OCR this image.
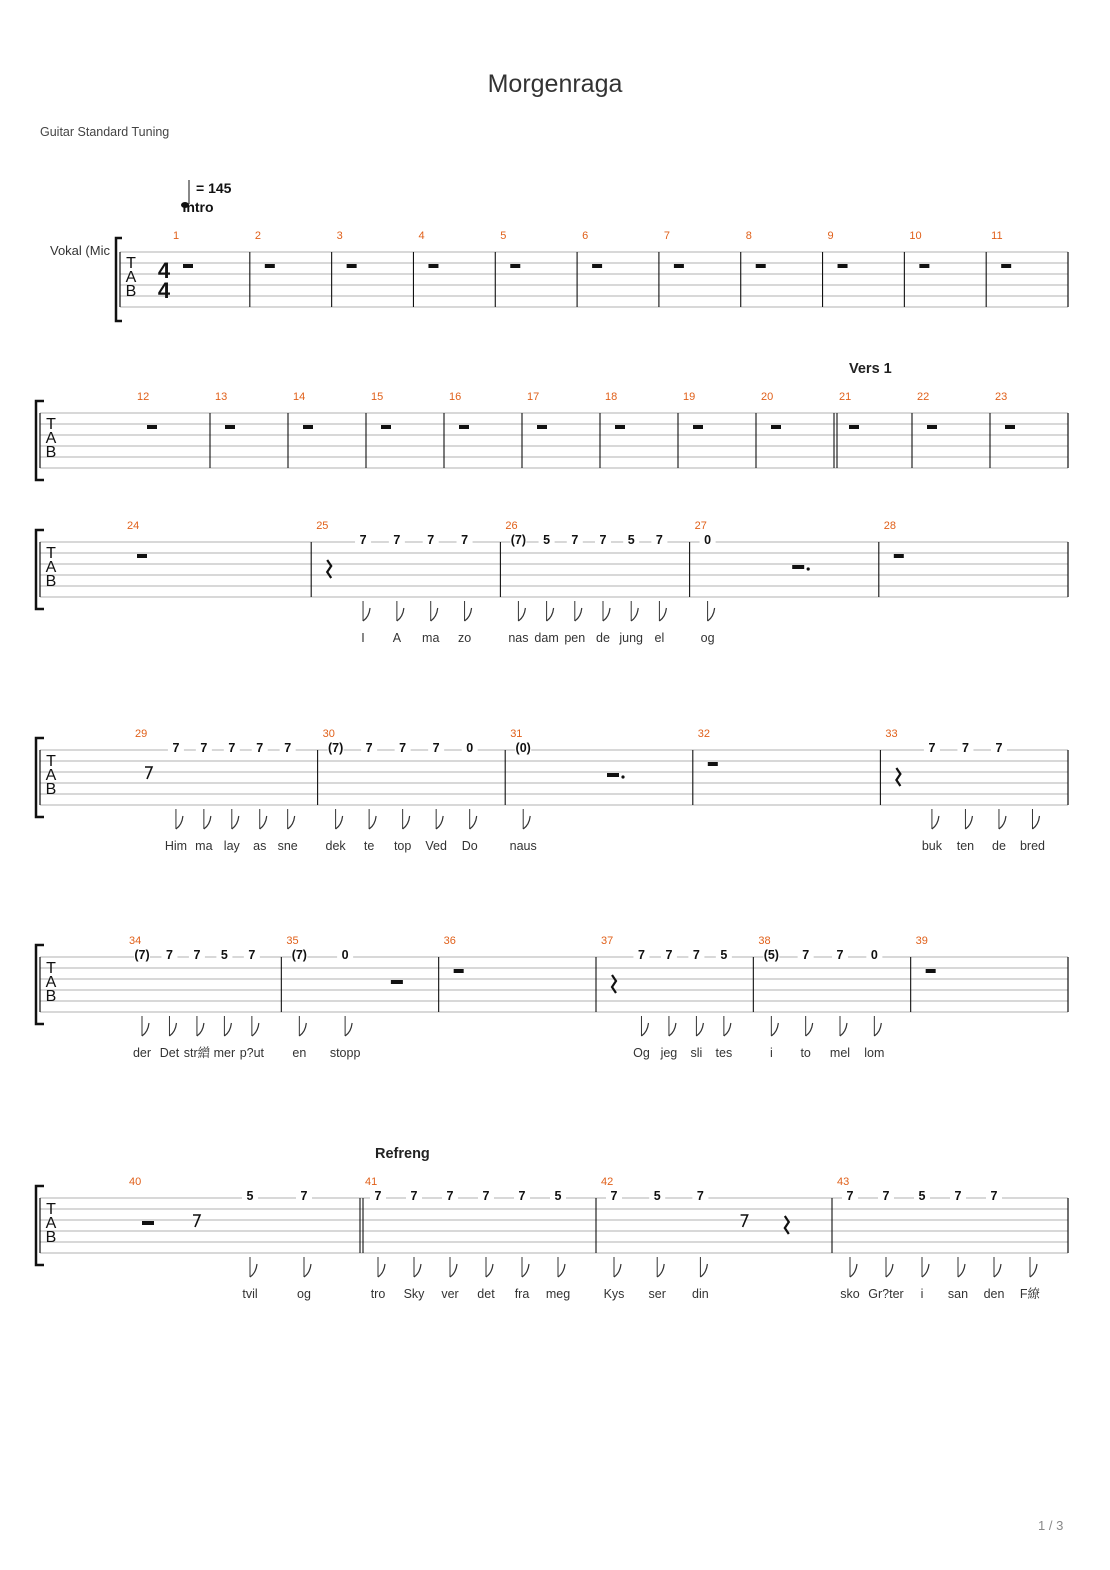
Morgenraga
Guitar Standard Tuning
1 / 3
Vokal (Mic
= 145
T
A
B
4
4
Intro
1	2	3	4	5	6	7	8	9	10	11
T
A
B
12	13	14	15	16	17	18	19	20	21
Vers 1
22	23
T
A
B
24	25
7
I
7
A
7
ma
7
zo
26
(7)
nas
5
dam
7
pen
7
de
5
jung
7
el
27
0
og
28
T
A
B
29
7
Him
7
ma
7
lay
7
as
7
sne
30
(7)
dek
7
te
7
top
7
Ved
0
Do
31
(0)
naus
32	33
7
buk
7
ten
7
de bred
T
A
B
34
(7)
der
7
Det
7
str繒
5
mer
7
p?ut
35
(7)
en
0
stopp
36	37
7
Og
7
jeg
7
sli
5
tes
38
(5)
i
7
to
7
mel
0
lom
39
T
A
B
40
5
tvil
7
og
41
Refreng
7
tro
7
Sky
7
ver
7
det
7
fra
5
meg
42
7
Kys
5
ser
7
din
43
7
sko
7
Gr?ter
5
i
7
san
7
den F繚
